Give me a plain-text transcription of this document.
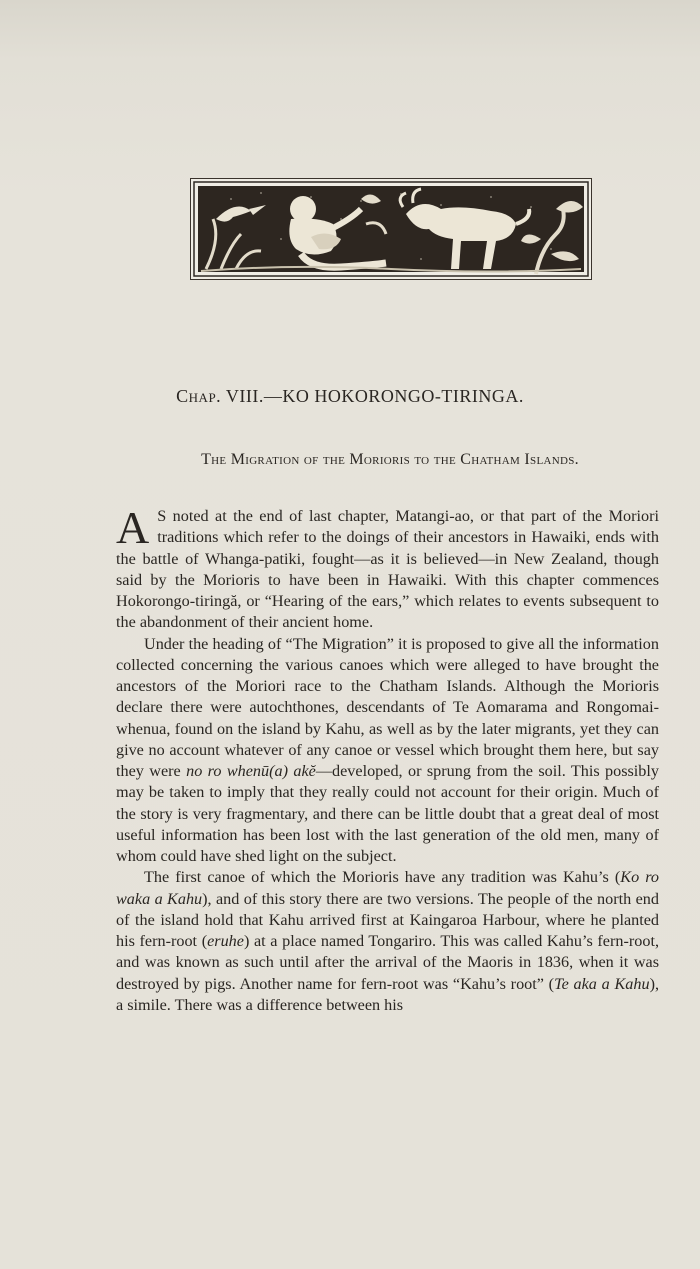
Chap. VIII.—KO HOKORONGO-TIRINGA.
The Migration of the Morioris to the Chatham Islands.

A S noted at the end of last chapter, Matangi-ao, or that part of the Moriori traditions which refer to the doings of their ancestors in Hawaiki, ends with the battle of Whanga-patiki, fought—as it is believed—in New Zealand, though said by the Morioris to have been in Hawaiki. With this chapter commences Hokorongo-tiringă, or “Hearing of the ears,” which relates to events subsequent to the abandonment of their ancient home.

Under the heading of “The Migration” it is proposed to give all the information collected concerning the various canoes which were alleged to have brought the ancestors of the Moriori race to the Chatham Islands. Although the Morioris declare there were autochthones, descendants of Te Aomarama and Rongomai-whenua, found on the island by Kahu, as well as by the later migrants, yet they can give no account whatever of any canoe or vessel which brought them here, but say they were no ro whenū(a) akĕ—developed, or sprung from the soil. This possibly may be taken to imply that they really could not account for their origin. Much of the story is very fragmentary, and there can be little doubt that a great deal of most useful information has been lost with the last generation of the old men, many of whom could have shed light on the subject.

The first canoe of which the Morioris have any tradition was Kahu’s (Ko ro waka a Kahu), and of this story there are two versions. The people of the north end of the island hold that Kahu arrived first at Kaingaroa Harbour, where he planted his fern-root (eruhe) at a place named Tongariro. This was called Kahu’s fern-root, and was known as such until after the arrival of the Maoris in 1836, when it was destroyed by pigs. Another name for fern-root was “Kahu’s root” (Te aka a Kahu), a simile. There was a difference between his
